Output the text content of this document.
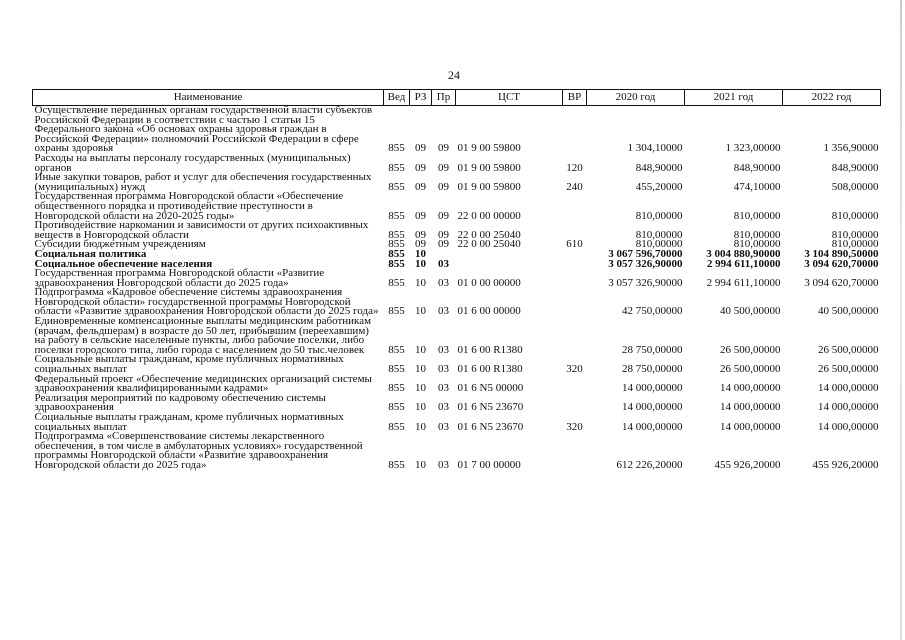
24
Наименование	Вед	РЗ	Пр	ЦСТ	ВР	2020 год	2021 год	2022 год
Осуществление переданных органам государственной власти субъектов Российской Федерации в соответствии с частью 1 статьи 15 Федерального закона «Об основах охраны здоровья граждан в Российской Федерации» полномочий Российской Федерации в сфере охраны здоровья	855	09	09	01 9 00 59800		1 304,10000	1 323,00000	1 356,90000
Расходы на выплаты персоналу государственных (муниципальных) органов	855	09	09	01 9 00 59800	120	848,90000	848,90000	848,90000
Иные закупки товаров, работ и услуг для обеспечения государственных (муниципальных) нужд	855	09	09	01 9 00 59800	240	455,20000	474,10000	508,00000
Государственная программа Новгородской области «Обеспечение общественного порядка и противодействие преступности в Новгородской области на 2020-2025 годы»	855	09	09	22 0 00 00000		810,00000	810,00000	810,00000
Противодействие наркомании и зависимости от других психоактивных веществ в Новгородской области	855	09	09	22 0 00 25040		810,00000	810,00000	810,00000
Субсидии бюджетным учреждениям	855	09	09	22 0 00 25040	610	810,00000	810,00000	810,00000
Социальная политика	855	10				3 067 596,70000	3 004 880,90000	3 104 890,50000
Социальное обеспечение населения	855	10	03			3 057 326,90000	2 994 611,10000	3 094 620,70000
Государственная программа Новгородской области «Развитие здравоохранения Новгородской области до 2025 года»	855	10	03	01 0 00 00000		3 057 326,90000	2 994 611,10000	3 094 620,70000
Подпрограмма «Кадровое обеспечение системы здравоохранения Новгородской области» государственной программы Новгородской области «Развитие здравоохранения Новгородской области до 2025 года»	855	10	03	01 6 00 00000		42 750,00000	40 500,00000	40 500,00000
Единовременные компенсационные выплаты медицинским работникам (врачам, фельдшерам) в возрасте до 50 лет, прибывшим (переехавшим) на работу в сельские населенные пункты, либо рабочие поселки, либо поселки городского типа, либо города с населением до 50 тыс.человек	855	10	03	01 6 00 R1380		28 750,00000	26 500,00000	26 500,00000
Социальные выплаты гражданам, кроме публичных нормативных социальных выплат	855	10	03	01 6 00 R1380	320	28 750,00000	26 500,00000	26 500,00000
Федеральный проект «Обеспечение медицинских организаций системы здравоохранения квалифицированными кадрами»	855	10	03	01 6 N5 00000		14 000,00000	14 000,00000	14 000,00000
Реализация мероприятий по кадровому обеспечению системы здравоохранения	855	10	03	01 6 N5 23670		14 000,00000	14 000,00000	14 000,00000
Социальные выплаты гражданам, кроме публичных нормативных социальных выплат	855	10	03	01 6 N5 23670	320	14 000,00000	14 000,00000	14 000,00000
Подпрограмма «Совершенствование системы лекарственного обеспечения, в том числе в амбулаторных условиях» государственной программы Новгородской области «Развитие здравоохранения Новгородской области до 2025 года»	855	10	03	01 7 00 00000		612 226,20000	455 926,20000	455 926,20000
